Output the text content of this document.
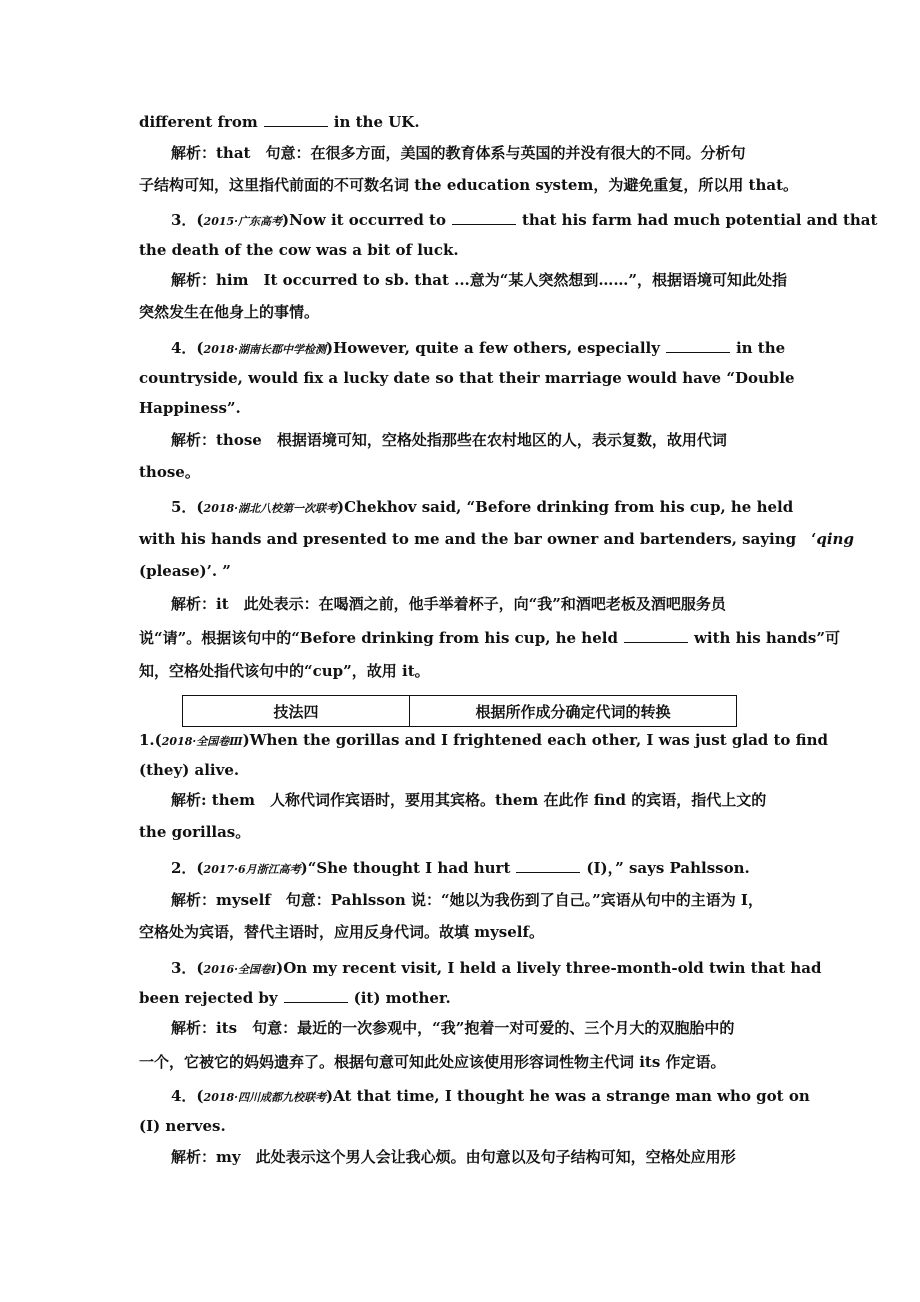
different from	in the UK.
解析：that　句意：在很多方面，美国的教育体系与英国的并没有很大的不同。分析句
子结构可知，这里指代前面的不可数名词 the education system，为避免重复，所以用 that。
3．(2015·广东高考)Now it occurred to	that his farm had much potential and that
the death of the cow was a bit of luck.
解析：him　It occurred to sb. that ...意为“某人突然想到……”，根据语境可知此处指
突然发生在他身上的事情。
4．(2018·湖南长郡中学检测)However, quite a few others, especially	in the
countryside, would fix a lucky date so that their marriage would have “Double
Happiness”.
解析：those　根据语境可知，空格处指那些在农村地区的人，表示复数，故用代词
those。
5．(2018·湖北八校第一次联考)Chekhov said, “Before drinking from his cup, he held
with his hands and presented to me and the bar owner and bartenders, saying　‘qing
(please)’. ”
解析：it　此处表示：在喝酒之前，他手举着杯子，向“我”和酒吧老板及酒吧服务员
说“请”。根据该句中的“Before drinking from his cup, he held	with his hands”可
知，空格处指代该句中的“cup”，故用 it。
技法四	根据所作成分确定代词的转换
1.(2018·全国卷Ⅲ)When the gorillas and I frightened each other, I was just glad to find
(they) alive.
解析: them　人称代词作宾语时，要用其宾格。them 在此作 find 的宾语，指代上文的
the gorillas。
2．(2017·6月浙江高考)“She thought I had hurt	(I)，” says Pahlsson.
解析：myself　句意：Pahlsson 说：“她以为我伤到了自己。”宾语从句中的主语为 I，
空格处为宾语，替代主语时，应用反身代词。故填 myself。
3．(2016·全国卷Ⅰ)On my recent visit, I held a lively three-month-old twin that had
been rejected by	(it) mother.
解析：its　句意：最近的一次参观中，“我”抱着一对可爱的、三个月大的双胞胎中的
一个，它被它的妈妈遗弃了。根据句意可知此处应该使用形容词性物主代词 its 作定语。
4．(2018·四川成都九校联考)At that time, I thought he was a strange man who got on
(I) nerves.
解析：my　此处表示这个男人会让我心烦。由句意以及句子结构可知，空格处应用形
